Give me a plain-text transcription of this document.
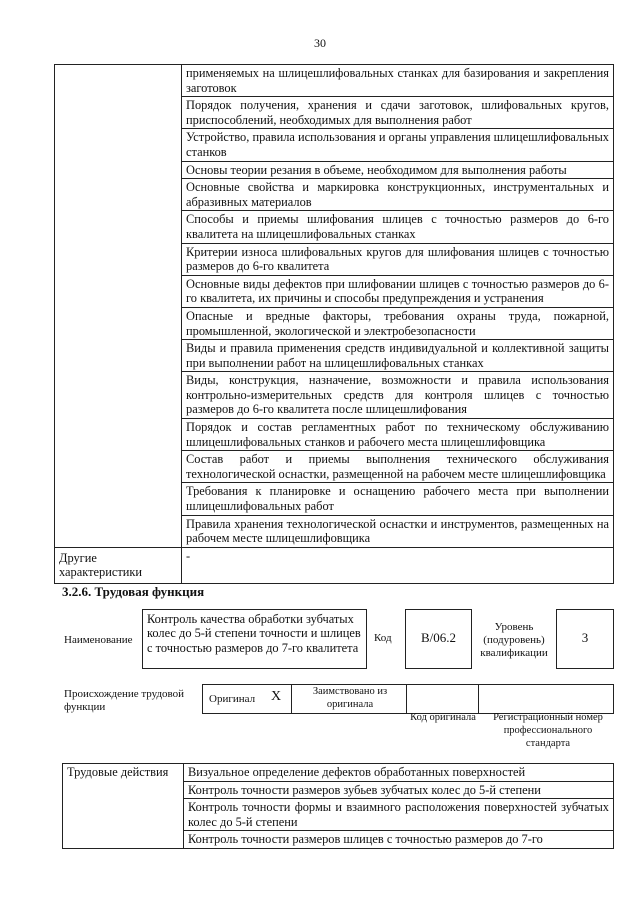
30
	применяемых на шлицешлифовальных станках для базирования и закрепления заготовок
	Порядок получения, хранения и сдачи заготовок, шлифовальных кругов, приспособлений, необходимых для выполнения работ
	Устройство, правила использования и органы управления шлицешлифовальных станков
	Основы теории резания в объеме, необходимом для выполнения работы
	Основные свойства и маркировка конструкционных, инструментальных и абразивных материалов
	Способы и приемы шлифования шлицев с точностью размеров до 6-го квалитета на шлицешлифовальных станках
	Критерии износа шлифовальных кругов для шлифования шлицев с точностью размеров до 6-го квалитета
	Основные виды дефектов при шлифовании шлицев с точностью размеров до 6-го квалитета, их причины и способы предупреждения и устранения
	Опасные и вредные факторы, требования охраны труда, пожарной, промышленной, экологической и электробезопасности
	Виды и правила применения средств индивидуальной и коллективной защиты при выполнении работ на шлицешлифовальных станках
	Виды, конструкция, назначение, возможности и правила использования контрольно-измерительных средств для контроля шлицев с точностью размеров до 6-го квалитета после шлицешлифования
	Порядок и состав регламентных работ по техническому обслуживанию шлицешлифовальных станков и рабочего места шлицешлифовщика
	Состав работ и приемы выполнения технического обслуживания технологической оснастки, размещенной на рабочем месте шлицешлифовщика
	Требования к планировке и оснащению рабочего места при выполнении шлицешлифовальных работ
	Правила хранения технологической оснастки и инструментов, размещенных на рабочем месте шлицешлифовщика
Другие характеристики	-
3.2.6. Трудовая функция
Наименование
Контроль качества обработки зубчатых колес до 5-й степени точности и шлицев с точностью размеров до 7-го квалитета
Код	B/06.2
Уровень (подуровень) квалификации
3
Происхождение трудовой функции
Оригинал X	Заимствовано из оригинала
Код оригинала	Регистрационный номер профессионального стандарта
Трудовые действия	Визуальное определение дефектов обработанных поверхностей
Контроль точности размеров зубьев зубчатых колес до 5-й степени
Контроль точности формы и взаимного расположения поверхностей зубчатых колес до 5-й степени
Контроль точности размеров шлицев с точностью размеров до 7-го
